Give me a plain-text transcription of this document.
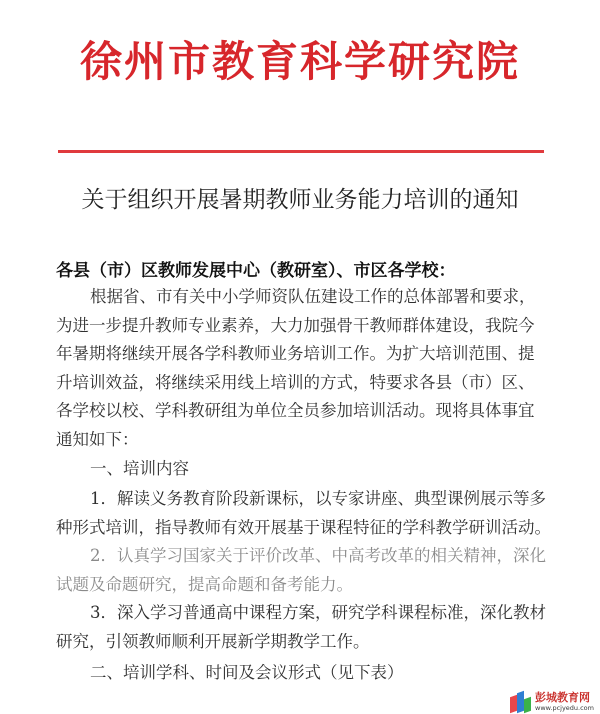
徐州市教育科学研究院
关于组织开展暑期教师业务能力培训的通知
各县（市）区教师发展中心（教研室）、市区各学校：
根据省、市有关中小学师资队伍建设工作的总体部署和要求，
为进一步提升教师专业素养，大力加强骨干教师群体建设，我院今
年暑期将继续开展各学科教师业务培训工作。为扩大培训范围、提
升培训效益，将继续采用线上培训的方式，特要求各县（市）区、
各学校以校、学科教研组为单位全员参加培训活动。现将具体事宜
通知如下：
一、培训内容
1．解读义务教育阶段新课标，以专家讲座、典型课例展示等多
种形式培训，指导教师有效开展基于课程特征的学科教学研训活动。
2．认真学习国家关于评价改革、中高考改革的相关精神，深化
试题及命题研究，提高命题和备考能力。
3．深入学习普通高中课程方案，研究学科课程标准，深化教材
研究，引领教师顺利开展新学期教学工作。
二、培训学科、时间及会议形式（见下表）
彭城教育网
www.pcjyedu.com
